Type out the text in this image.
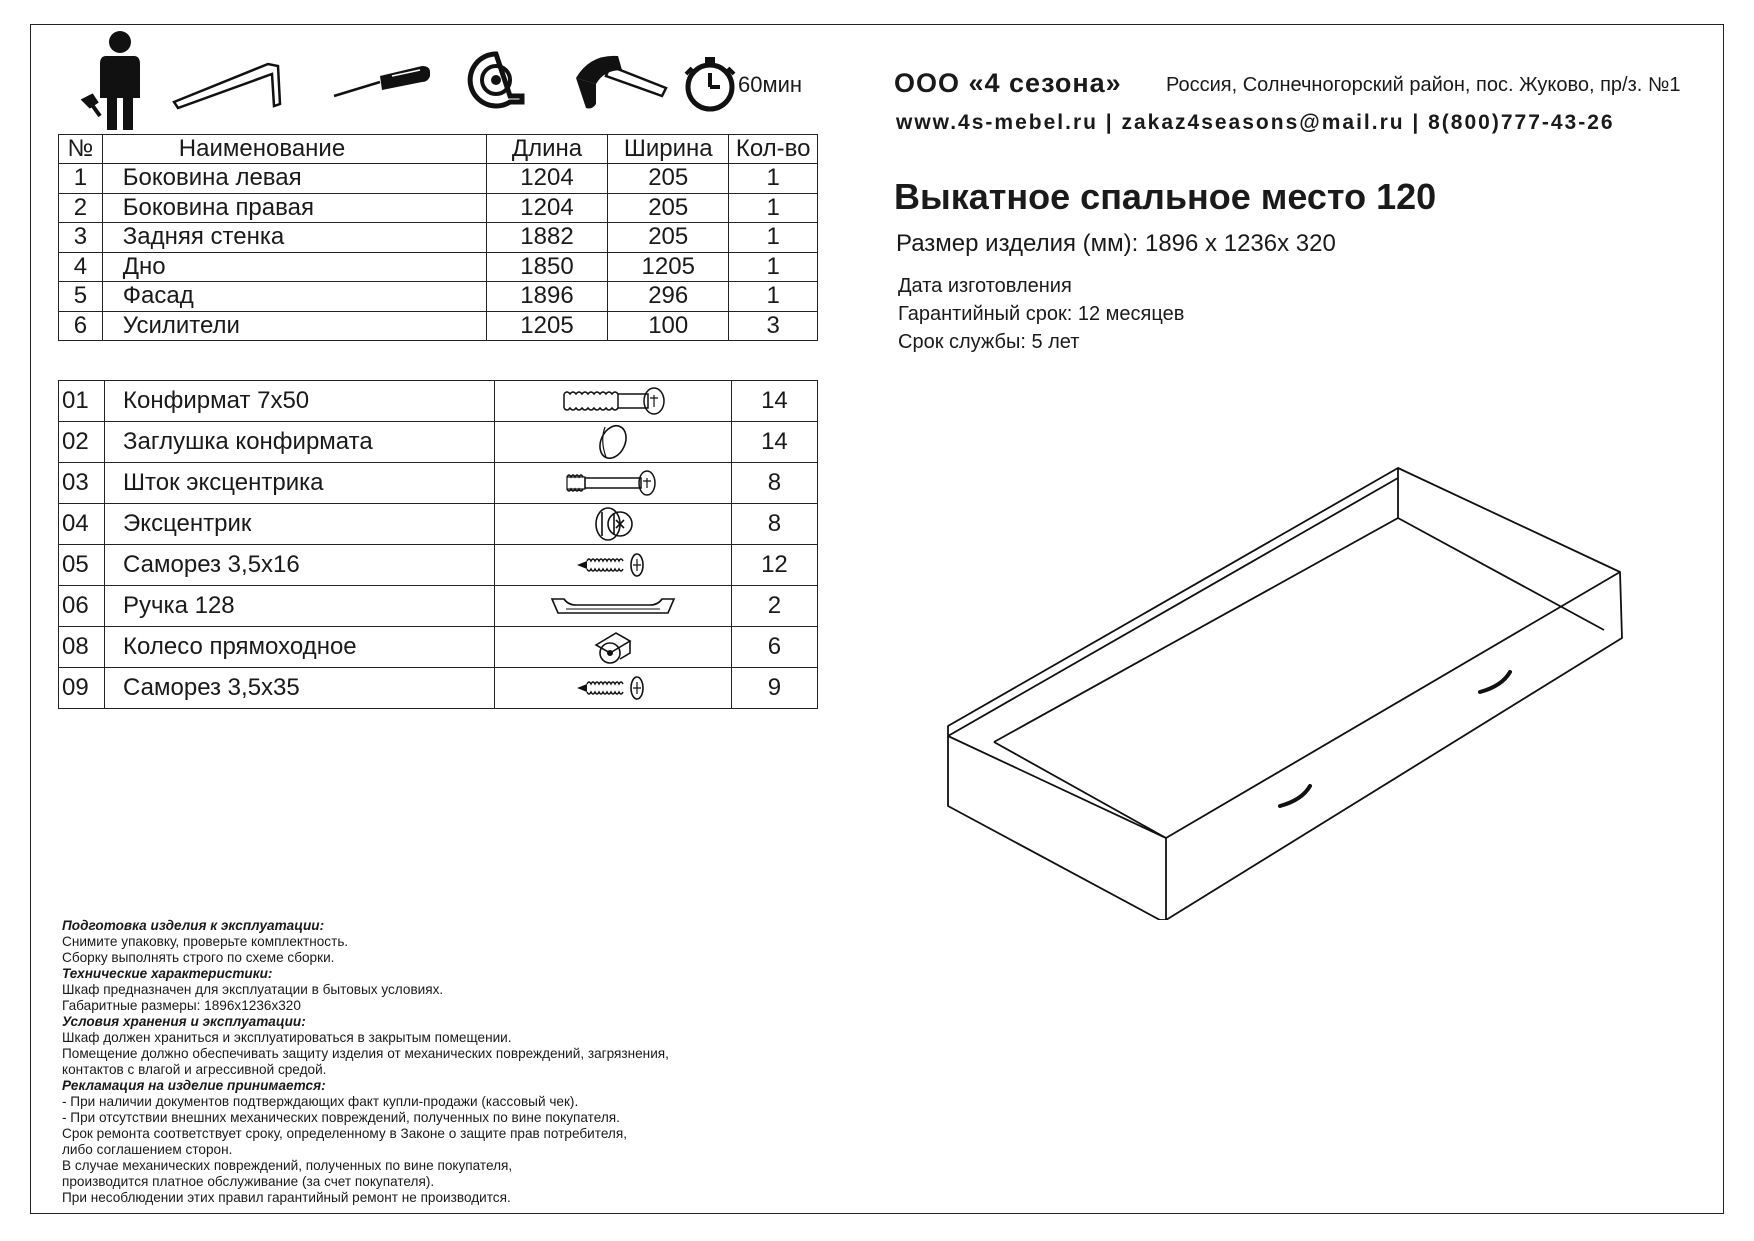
60мин
№	Наименование	Длина	Ширина	Кол-во
1	Боковина левая	1204	205	1
2	Боковина правая	1204	205	1
3	Задняя стенка	1882	205	1
4	Дно	1850	1205	1
5	Фасад	1896	296	1
6	Усилители	1205	100	3
01	Конфирмат 7x50		14
02	Заглушка конфирмата		14
03	Шток эксцентрика		8
04	Эксцентрик		8
05	Саморез 3,5x16		12
06	Ручка 128		2
08	Колесо прямоходное		6
09	Саморез 3,5x35		9
ООО «4 сезона» Россия, Солнечногорский район, пос. Жуково, пр/з. №1
www.4s-mebel.ru | zakaz4seasons@mail.ru | 8(800)777-43-26
Выкатное спальное место 120
Размер изделия (мм): 1896 х 1236х 320
Дата изготовления
Гарантийный срок: 12 месяцев
Срок службы: 5 лет
Подготовка изделия к эксплуатации:
Снимите упаковку, проверьте комплектность.
Сборку выполнять строго по схеме сборки.
Технические характеристики:
Шкаф предназначен для эксплуатации в бытовых условиях.
Габаритные размеры: 1896х1236х320
Условия хранения и эксплуатации:
Шкаф должен храниться и эксплуатироваться в закрытым помещении.
Помещение должно обеспечивать защиту изделия от механических повреждений, загрязнения,
контактов с влагой и агрессивной средой.
Рекламация на изделие принимается:
- При наличии документов подтверждающих факт купли-продажи (кассовый чек).
- При отсутствии внешних механических повреждений, полученных по вине покупателя.
Срок ремонта соответствует сроку, определенному в Законе о защите прав потребителя,
либо соглашением сторон.
В случае механических повреждений, полученных по вине покупателя,
производится платное обслуживание (за счет покупателя).
При несоблюдении этих правил гарантийный ремонт не производится.
